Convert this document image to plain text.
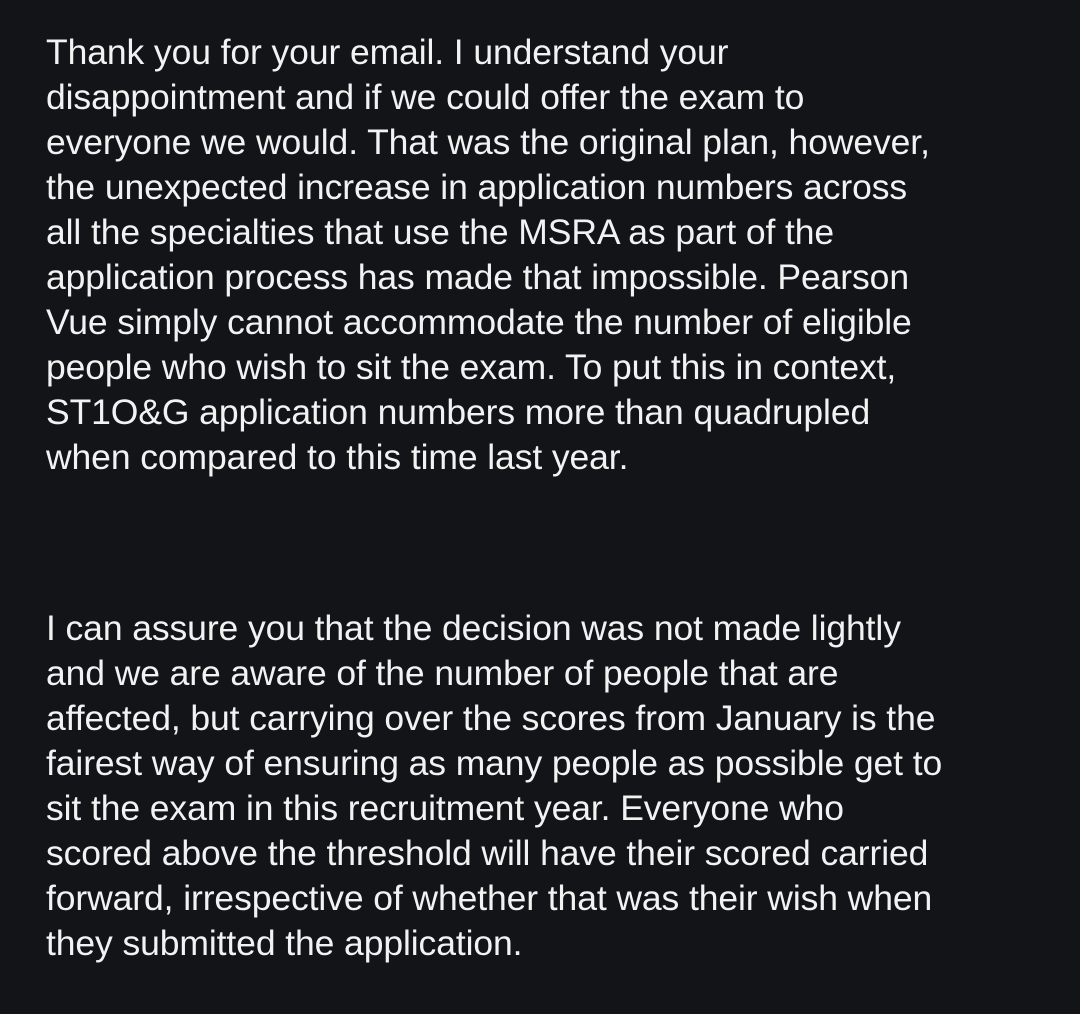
Thank you for your email. I understand your
disappointment and if we could offer the exam to
everyone we would. That was the original plan, however,
the unexpected increase in application numbers across
all the specialties that use the MSRA as part of the
application process has made that impossible. Pearson
Vue simply cannot accommodate the number of eligible
people who wish to sit the exam. To put this in context,
ST1O&G application numbers more than quadrupled
when compared to this time last year.

I can assure you that the decision was not made lightly
and we are aware of the number of people that are
affected, but carrying over the scores from January is the
fairest way of ensuring as many people as possible get to
sit the exam in this recruitment year. Everyone who
scored above the threshold will have their scored carried
forward, irrespective of whether that was their wish when
they submitted the application.
